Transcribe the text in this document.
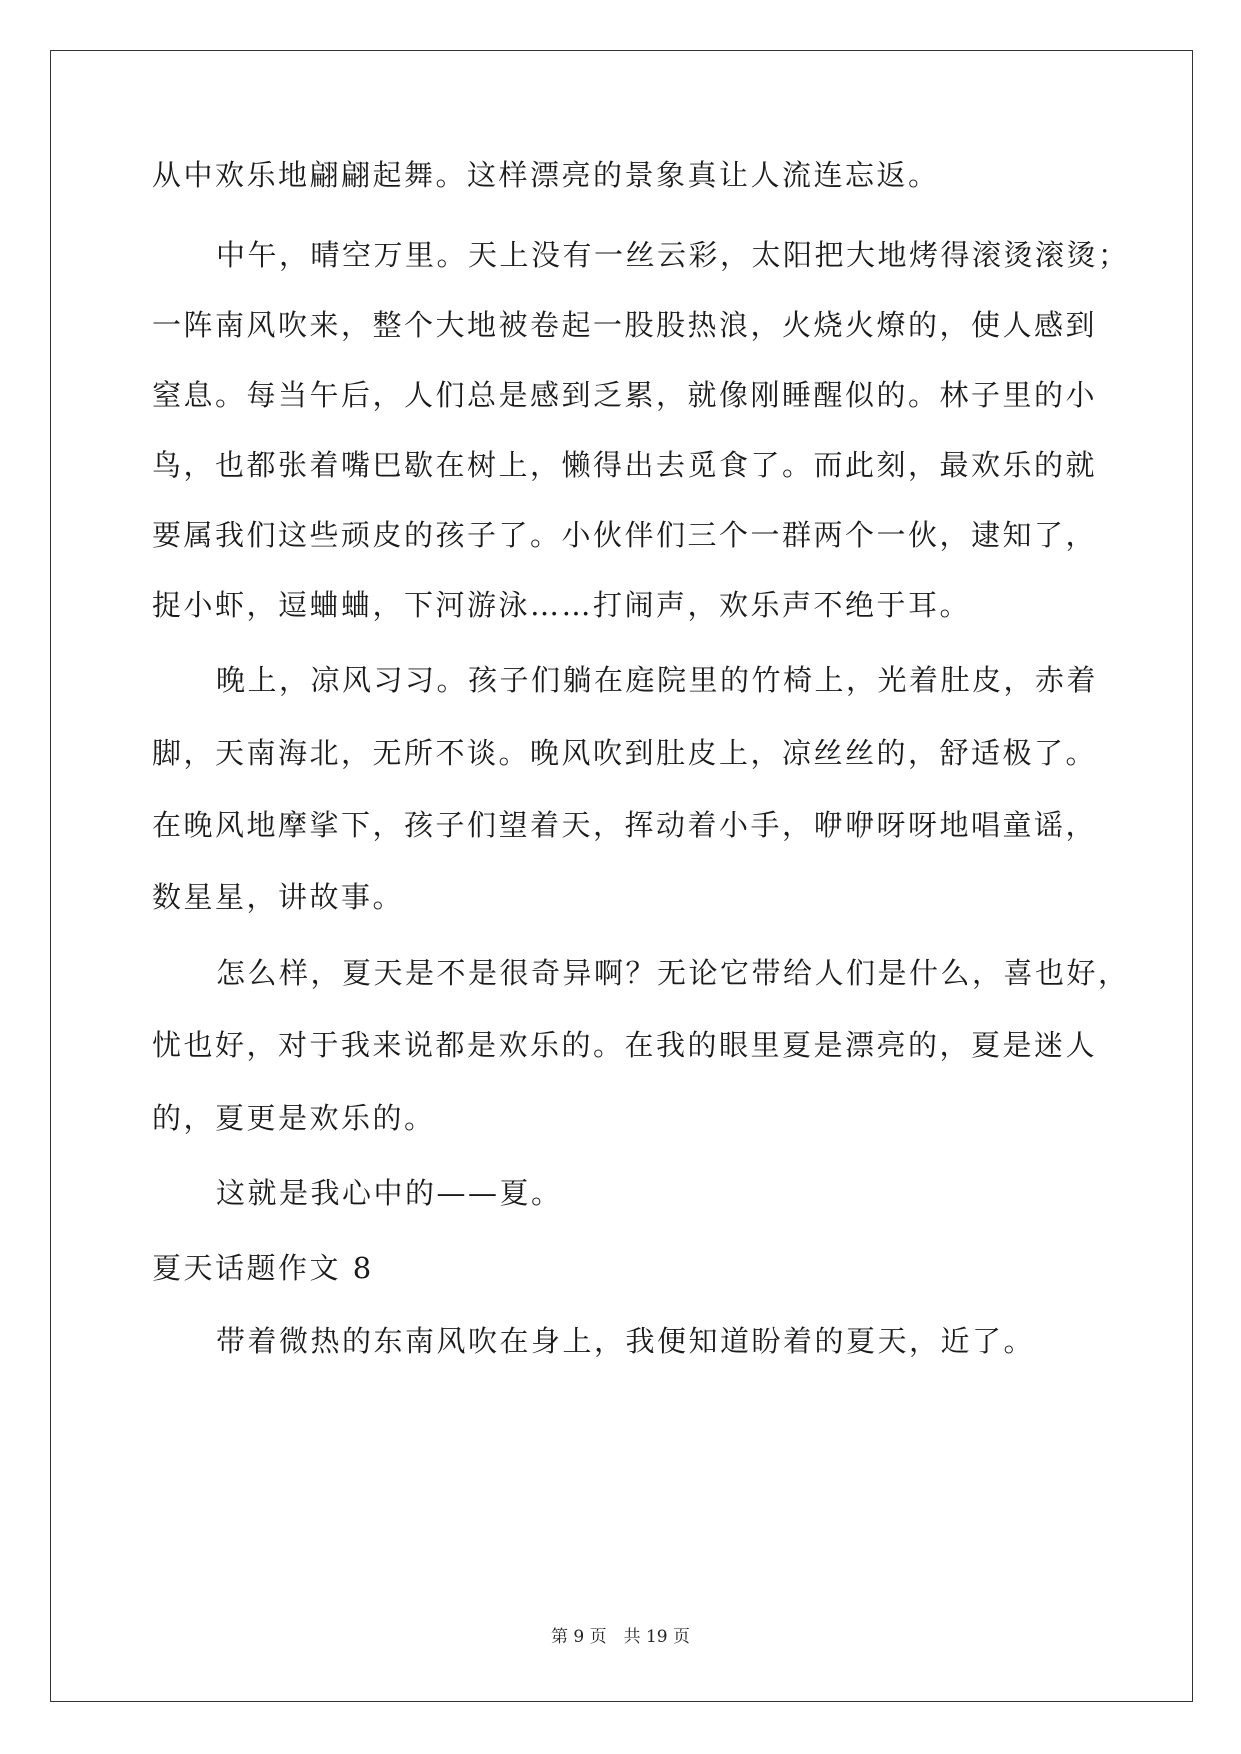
从中欢乐地翩翩起舞。这样漂亮的景象真让人流连忘返。
中午，晴空万里。天上没有一丝云彩，太阳把大地烤得滚烫滚烫；
一阵南风吹来，整个大地被卷起一股股热浪，火烧火燎的，使人感到
窒息。每当午后，人们总是感到乏累，就像刚睡醒似的。林子里的小
鸟，也都张着嘴巴歇在树上，懒得出去觅食了。而此刻，最欢乐的就
要属我们这些顽皮的孩子了。小伙伴们三个一群两个一伙，逮知了，
捉小虾，逗蛐蛐，下河游泳……打闹声，欢乐声不绝于耳。
晚上，凉风习习。孩子们躺在庭院里的竹椅上，光着肚皮，赤着
脚，天南海北，无所不谈。晚风吹到肚皮上，凉丝丝的，舒适极了。
在晚风地摩挲下，孩子们望着天，挥动着小手，咿咿呀呀地唱童谣，
数星星，讲故事。
怎么样，夏天是不是很奇异啊？无论它带给人们是什么，喜也好，
忧也好，对于我来说都是欢乐的。在我的眼里夏是漂亮的，夏是迷人
的，夏更是欢乐的。
这就是我心中的——夏。
夏天话题作文 8
带着微热的东南风吹在身上，我便知道盼着的夏天，近了。
第 9 页　共 19 页
